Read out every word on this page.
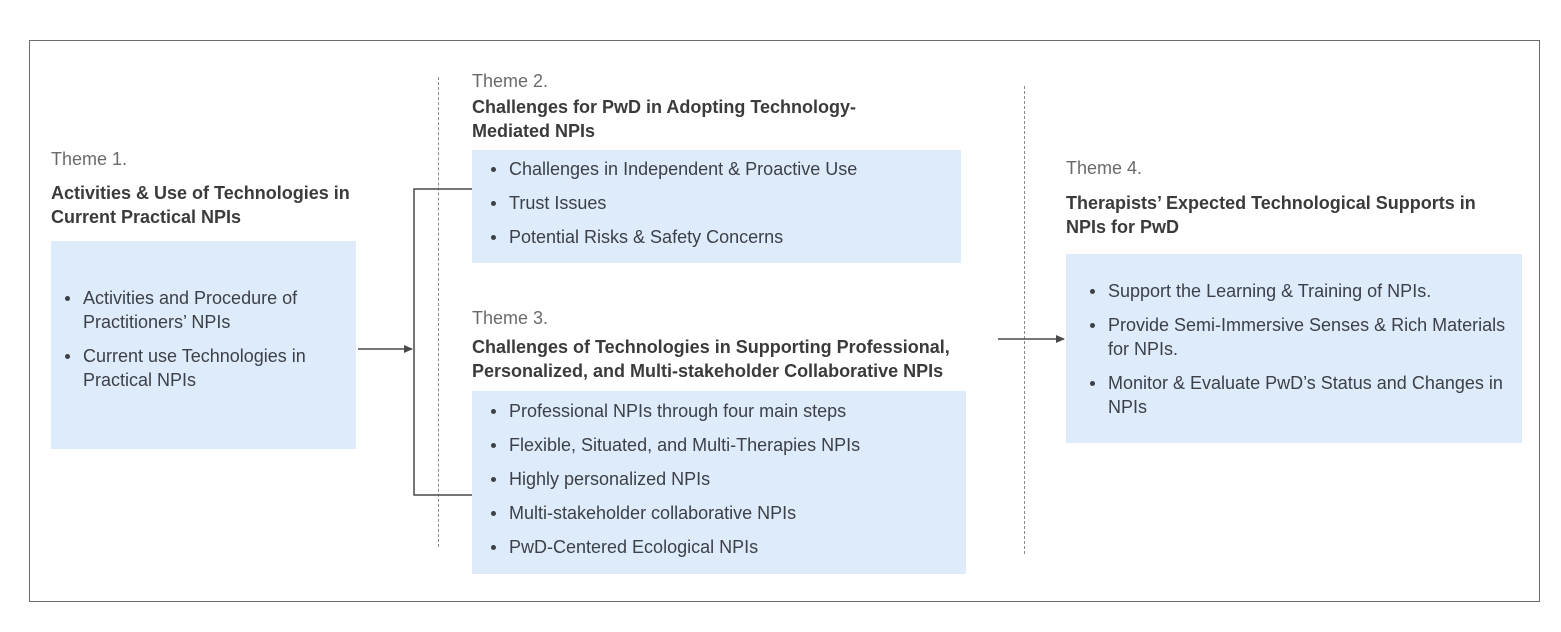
Theme 1.
Activities & Use of Technologies in Current Practical NPIs
Activities and Procedure of Practitioners’ NPIs
Current use Technologies in Practical NPIs
Theme 2.
Challenges for PwD in Adopting Technology-Mediated NPIs
Challenges in Independent & Proactive Use
Trust Issues
Potential Risks & Safety Concerns
Theme 3.
Challenges of Technologies in Supporting Professional, Personalized, and Multi-stakeholder Collaborative NPIs
Professional NPIs through four main steps
Flexible, Situated, and Multi-Therapies NPIs
Highly personalized NPIs
Multi-stakeholder collaborative NPIs
PwD-Centered Ecological NPIs
Theme 4.
Therapists’ Expected Technological Supports in NPIs for PwD
Support the Learning & Training of NPIs.
Provide Semi-Immersive Senses & Rich Materials for NPIs.
Monitor & Evaluate PwD’s Status and Changes in NPIs
